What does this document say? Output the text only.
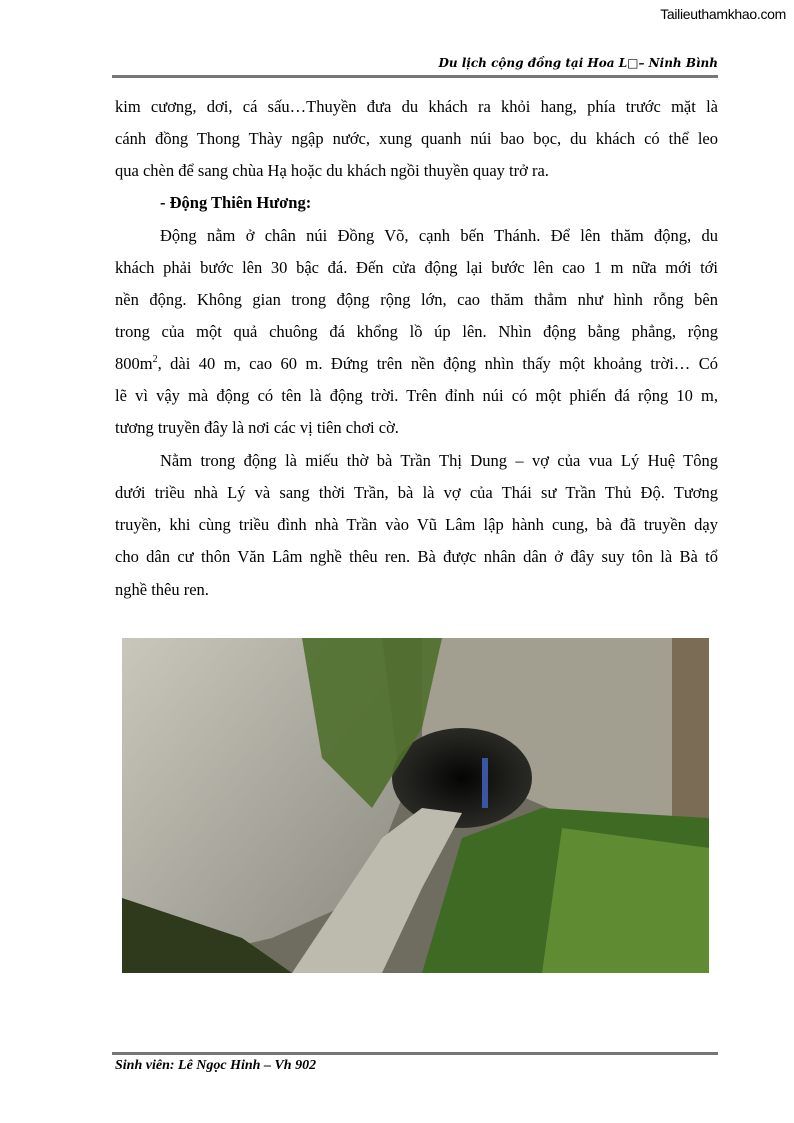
Tailieuthamkhao.com
Du lịch cộng đồng tại Hoa L□– Ninh Bình
kim cương, dơi, cá sấu…Thuyền đưa du khách ra khỏi hang, phía trước mặt là
cánh đồng Thong Thày ngập nước, xung quanh núi bao bọc, du khách có thể leo
qua chèn để sang chùa Hạ hoặc du khách ngồi thuyền quay trở ra.
- Động Thiên Hương:
Động nằm ở chân núi Đồng Võ, cạnh bến Thánh. Để lên thăm động, du
khách phải bước lên 30 bậc đá. Đến cửa động lại bước lên cao 1 m nữa mới tới
nền động. Không gian trong động rộng lớn, cao thăm thẳm như hình rỗng bên
trong của một quả chuông đá khổng lồ úp lên. Nhìn động bằng phẳng, rộng
800m 2 , dài 40 m, cao 60 m. Đứng trên nền động nhìn thấy một khoảng trời… Có
lẽ vì vậy mà động có tên là động trời. Trên đỉnh núi có một phiến đá rộng 10 m,
tương truyền đây là nơi các vị tiên chơi cờ.
Nằm trong động là miếu thờ bà Trần Thị Dung – vợ của vua Lý Huệ Tông
dưới triều nhà Lý và sang thời Trần, bà là vợ của Thái sư Trần Thủ Độ. Tương
truyền, khi cùng triều đình nhà Trần vào Vũ Lâm lập hành cung, bà đã truyền dạy
cho dân cư thôn Văn Lâm nghề thêu ren. Bà được nhân dân ở đây suy tôn là Bà tổ
nghề thêu ren.
Sinh viên: Lê Ngọc Hinh – Vh 902
